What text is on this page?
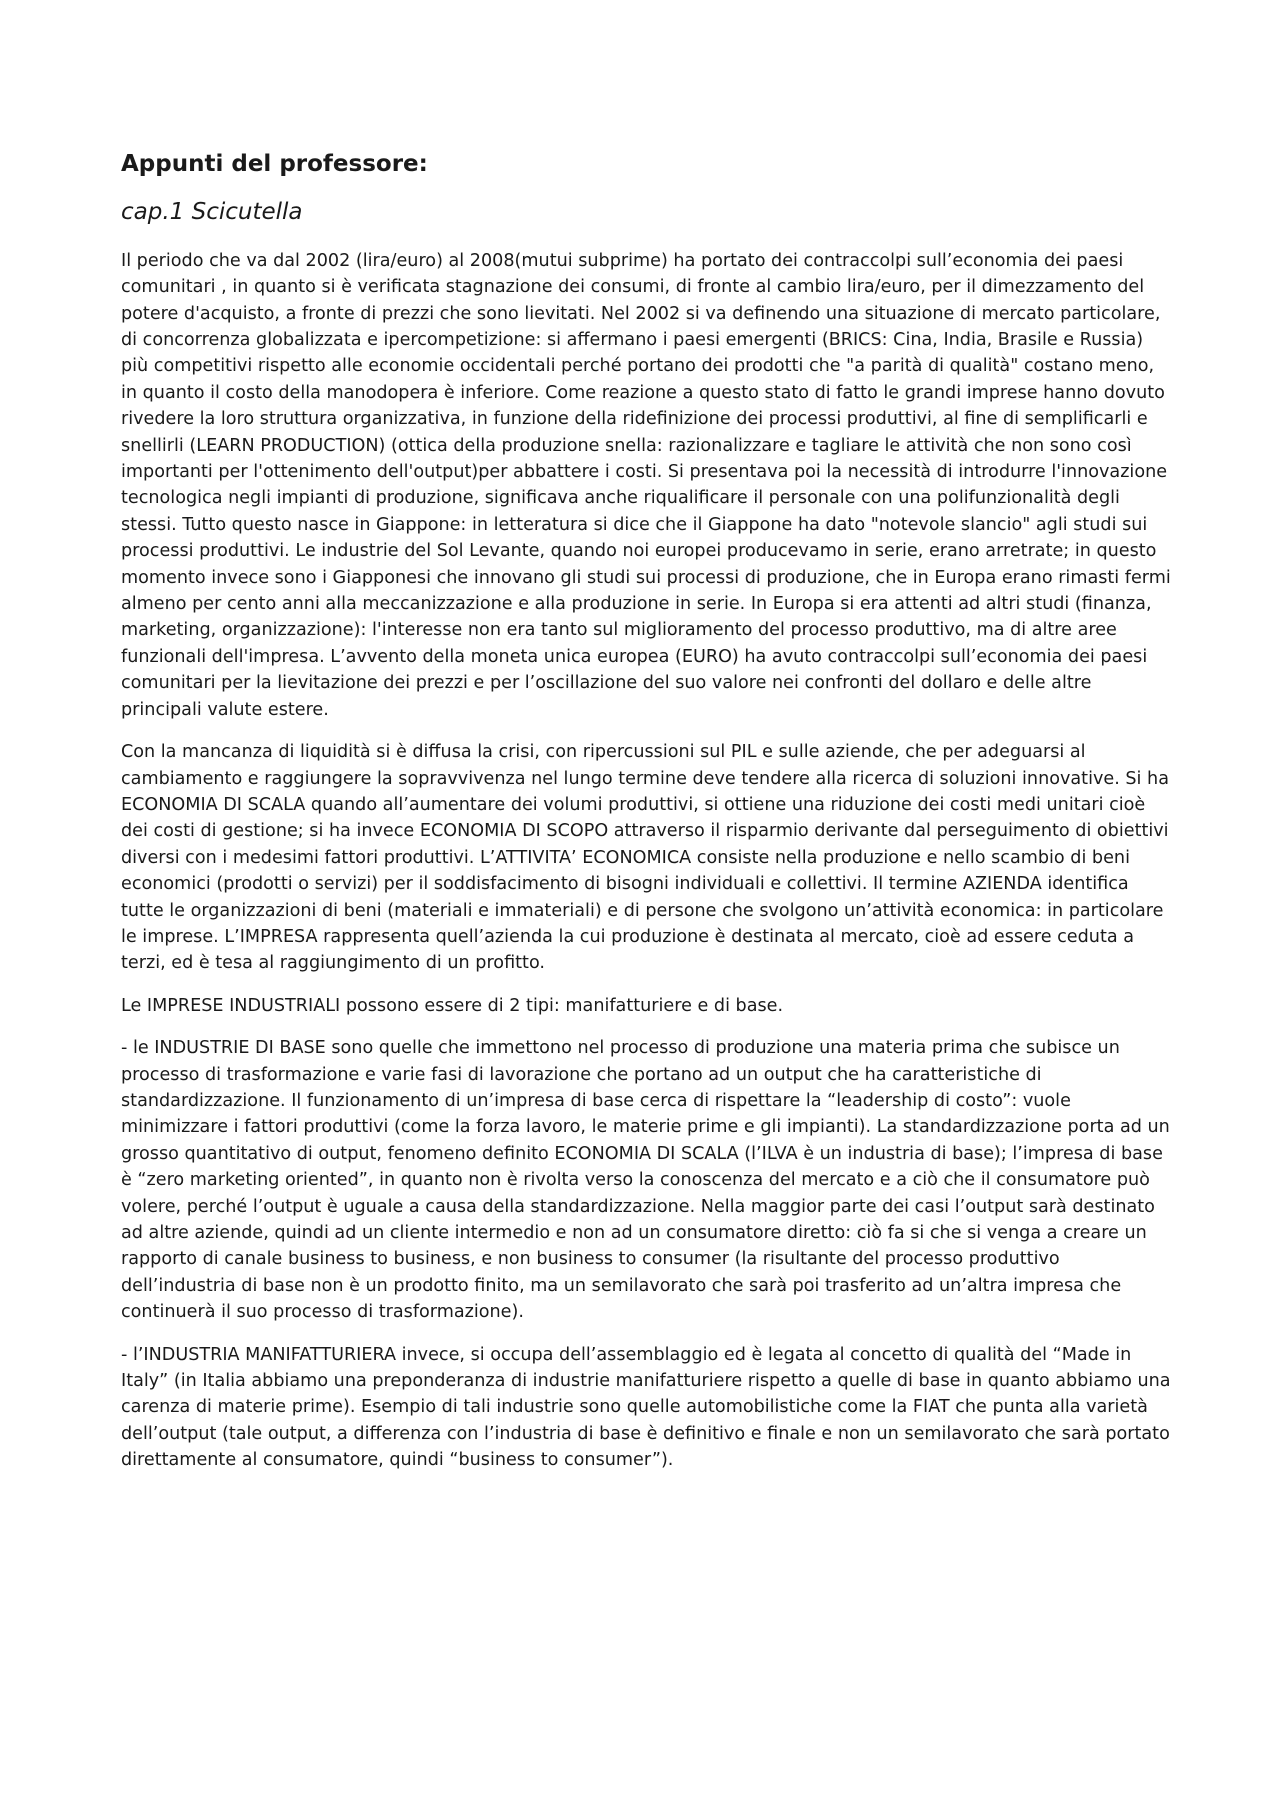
Appunti del professore:
cap.1 Scicutella

Il periodo che va dal 2002 (lira/euro) al 2008(mutui subprime) ha portato dei contraccolpi sull’economia dei paesi comunitari , in quanto si è verificata stagnazione dei consumi, di fronte al cambio lira/euro, per il dimezzamento del potere d'acquisto, a fronte di prezzi che sono lievitati. Nel 2002 si va definendo una situazione di mercato particolare, di concorrenza globalizzata e ipercompetizione: si affermano i paesi emergenti (BRICS: Cina, India, Brasile e Russia) più competitivi rispetto alle economie occidentali perché portano dei prodotti che "a parità di qualità" costano meno, in quanto il costo della manodopera è inferiore. Come reazione a questo stato di fatto le grandi imprese hanno dovuto rivedere la loro struttura organizzativa, in funzione della ridefinizione dei processi produttivi, al fine di semplificarli e snellirli (LEARN PRODUCTION) (ottica della produzione snella: razionalizzare e tagliare le attività che non sono così importanti per l'ottenimento dell'output)per abbattere i costi. Si presentava poi la necessità di introdurre l'innovazione tecnologica negli impianti di produzione, significava anche riqualificare il personale con una polifunzionalità degli stessi. Tutto questo nasce in Giappone: in letteratura si dice che il Giappone ha dato "notevole slancio" agli studi sui processi produttivi. Le industrie del Sol Levante, quando noi europei producevamo in serie, erano arretrate; in questo momento invece sono i Giapponesi che innovano gli studi sui processi di produzione, che in Europa erano rimasti fermi almeno per cento anni alla meccanizzazione e alla produzione in serie. In Europa si era attenti ad altri studi (finanza, marketing, organizzazione): l'interesse non era tanto sul miglioramento del processo produttivo, ma di altre aree funzionali dell'impresa. L’avvento della moneta unica europea (EURO) ha avuto contraccolpi sull’economia dei paesi comunitari per la lievitazione dei prezzi e per l’oscillazione del suo valore nei confronti del dollaro e delle altre principali valute estere.

Con la mancanza di liquidità si è diffusa la crisi, con ripercussioni sul PIL e sulle aziende, che per adeguarsi al cambiamento e raggiungere la sopravvivenza nel lungo termine deve tendere alla ricerca di soluzioni innovative. Si ha ECONOMIA DI SCALA quando all’aumentare dei volumi produttivi, si ottiene una riduzione dei costi medi unitari cioè dei costi di gestione; si ha invece ECONOMIA DI SCOPO attraverso il risparmio derivante dal perseguimento di obiettivi diversi con i medesimi fattori produttivi. L’ATTIVITA’ ECONOMICA consiste nella produzione e nello scambio di beni economici (prodotti o servizi) per il soddisfacimento di bisogni individuali e collettivi. Il termine AZIENDA identifica tutte le organizzazioni di beni (materiali e immateriali) e di persone che svolgono un’attività economica: in particolare le imprese. L’IMPRESA rappresenta quell’azienda la cui produzione è destinata al mercato, cioè ad essere ceduta a terzi, ed è tesa al raggiungimento di un profitto.

Le IMPRESE INDUSTRIALI possono essere di 2 tipi: manifatturiere e di base.

- le INDUSTRIE DI BASE sono quelle che immettono nel processo di produzione una materia prima che subisce un processo di trasformazione e varie fasi di lavorazione che portano ad un output che ha caratteristiche di standardizzazione. Il funzionamento di un’impresa di base cerca di rispettare la “leadership di costo”: vuole minimizzare i fattori produttivi (come la forza lavoro, le materie prime e gli impianti). La standardizzazione porta ad un grosso quantitativo di output, fenomeno definito ECONOMIA DI SCALA (l’ILVA è un industria di base); l’impresa di base è “zero marketing oriented”, in quanto non è rivolta verso la conoscenza del mercato e a ciò che il consumatore può volere, perché l’output è uguale a causa della standardizzazione. Nella maggior parte dei casi l’output sarà destinato ad altre aziende, quindi ad un cliente intermedio e non ad un consumatore diretto: ciò fa si che si venga a creare un rapporto di canale business to business, e non business to consumer (la risultante del processo produttivo dell’industria di base non è un prodotto finito, ma un semilavorato che sarà poi trasferito ad un’altra impresa che continuerà il suo processo di trasformazione).

- l’INDUSTRIA MANIFATTURIERA invece, si occupa dell’assemblaggio ed è legata al concetto di qualità del “Made in Italy” (in Italia abbiamo una preponderanza di industrie manifatturiere rispetto a quelle di base in quanto abbiamo una carenza di materie prime). Esempio di tali industrie sono quelle automobilistiche come la FIAT che punta alla varietà dell’output (tale output, a differenza con l’industria di base è definitivo e finale e non un semilavorato che sarà portato direttamente al consumatore, quindi “business to consumer”).
